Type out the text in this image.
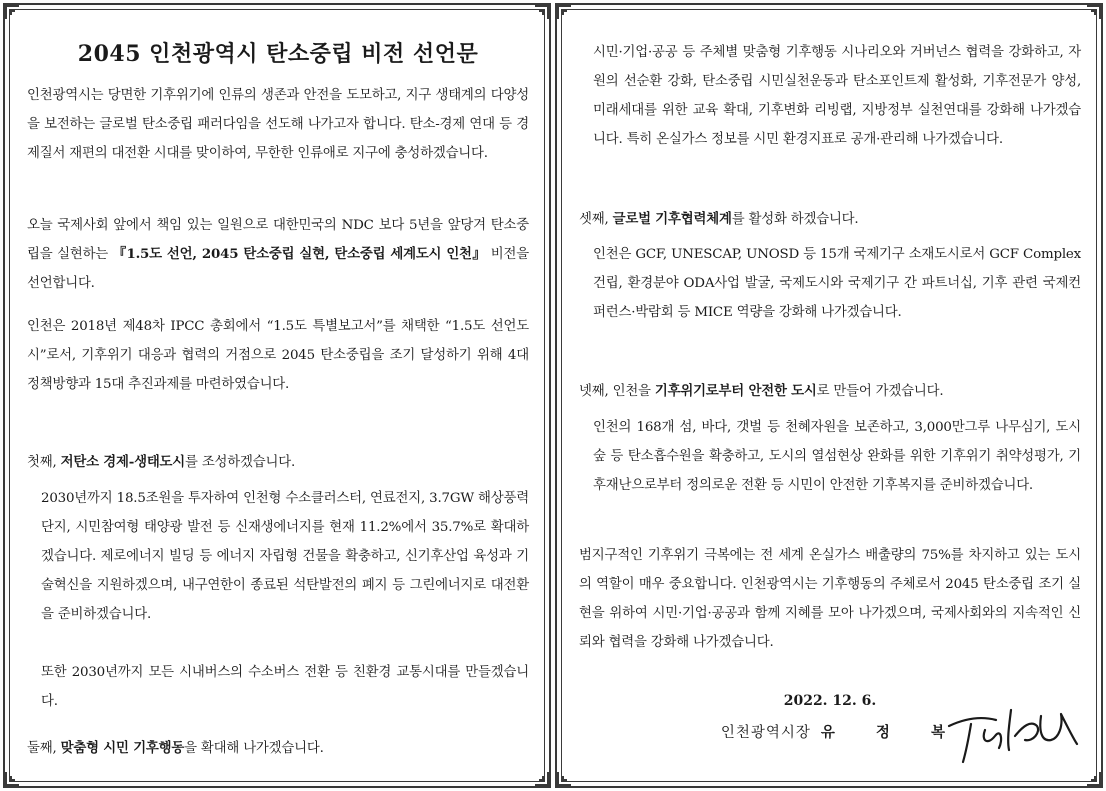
2045 인천광역시 탄소중립 비전 선언문

인천광역시는 당면한 기후위기에 인류의 생존과 안전을 도모하고, 지구 생태계의 다양성을 보전하는 글로벌 탄소중립 패러다임을 선도해 나가고자 합니다. 탄소-경제 연대 등 경제질서 재편의 대전환 시대를 맞이하여, 무한한 인류애로 지구에 충성하겠습니다.

오늘 국제사회 앞에서 책임 있는 일원으로 대한민국의 NDC 보다 5년을 앞당겨 탄소중립을 실현하는 『1.5도 선언, 2045 탄소중립 실현, 탄소중립 세계도시 인천』 비전을 선언합니다.

인천은 2018년 제48차 IPCC 총회에서 “1.5도 특별보고서”를 채택한 “1.5도 선언도시”로서, 기후위기 대응과 협력의 거점으로 2045 탄소중립을 조기 달성하기 위해 4대 정책방향과 15대 추진과제를 마련하였습니다.

첫째, 저탄소 경제-생태도시를 조성하겠습니다.

2030년까지 18.5조원을 투자하여 인천형 수소클러스터, 연료전지, 3.7GW 해상풍력단지, 시민참여형 태양광 발전 등 신재생에너지를 현재 11.2%에서 35.7%로 확대하겠습니다. 제로에너지 빌딩 등 에너지 자립형 건물을 확충하고, 신기후산업 육성과 기술혁신을 지원하겠으며, 내구연한이 종료된 석탄발전의 폐지 등 그린에너지로 대전환을 준비하겠습니다.

또한 2030년까지 모든 시내버스의 수소버스 전환 등 친환경 교통시대를 만들겠습니다.

둘째, 맞춤형 시민 기후행동을 확대해 나가겠습니다.

시민·기업·공공 등 주체별 맞춤형 기후행동 시나리오와 거버넌스 협력을 강화하고, 자원의 선순환 강화, 탄소중립 시민실천운동과 탄소포인트제 활성화, 기후전문가 양성, 미래세대를 위한 교육 확대, 기후변화 리빙랩, 지방정부 실천연대를 강화해 나가겠습니다. 특히 온실가스 정보를 시민 환경지표로 공개·관리해 나가겠습니다.

셋째, 글로벌 기후협력체계를 활성화 하겠습니다.

인천은 GCF, UNESCAP, UNOSD 등 15개 국제기구 소재도시로서 GCF Complex 건립, 환경분야 ODA사업 발굴, 국제도시와 국제기구 간 파트너십, 기후 관련 국제컨퍼런스·박람회 등 MICE 역량을 강화해 나가겠습니다.

넷째, 인천을 기후위기로부터 안전한 도시로 만들어 가겠습니다.

인천의 168개 섬, 바다, 갯벌 등 천혜자원을 보존하고, 3,000만그루 나무심기, 도시숲 등 탄소흡수원을 확충하고, 도시의 열섬현상 완화를 위한 기후위기 취약성평가, 기후재난으로부터 정의로운 전환 등 시민이 안전한 기후복지를 준비하겠습니다.

범지구적인 기후위기 극복에는 전 세계 온실가스 배출량의 75%를 차지하고 있는 도시의 역할이 매우 중요합니다. 인천광역시는 기후행동의 주체로서 2045 탄소중립 조기 실현을 위하여 시민·기업·공공과 함께 지혜를 모아 나가겠으며, 국제사회와의 지속적인 신뢰와 협력을 강화해 나가겠습니다.

2022. 12. 6.
인천광역시장 유 정 복
